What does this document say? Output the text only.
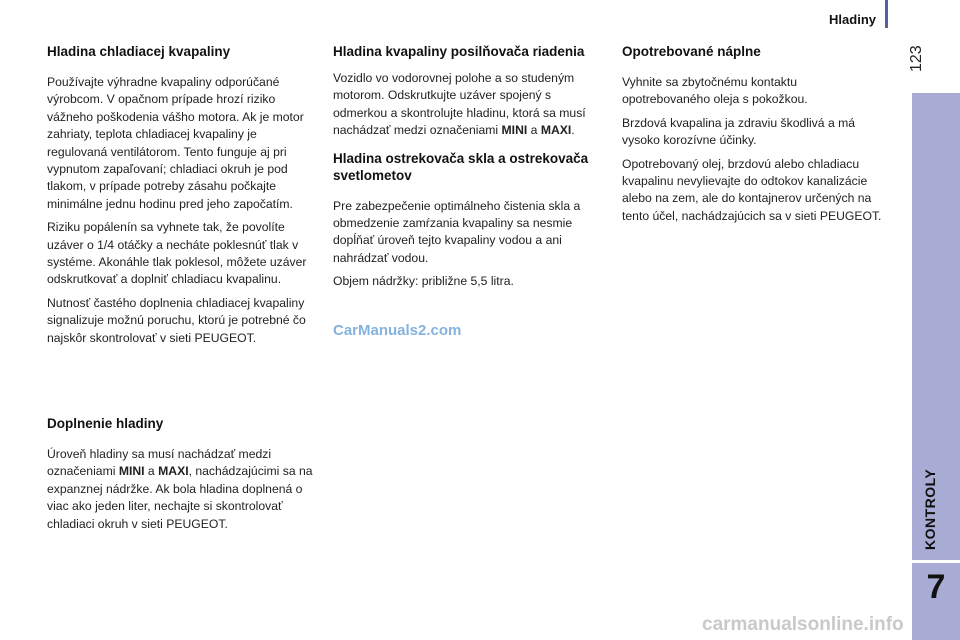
Hladiny
123
KONTROLY
7
Hladina chladiacej kvapaliny

Používajte výhradne kvapaliny odporúčané výrobcom. V opačnom prípade hrozí riziko vážneho poškodenia vášho motora. Ak je motor zahriaty, teplota chladiacej kvapaliny je regulovaná ventilátorom. Tento funguje aj pri vypnutom zapaľovaní; chladiaci okruh je pod tlakom, v prípade potreby zásahu počkajte minimálne jednu hodinu pred jeho započatím.

Riziku popálenín sa vyhnete tak, že povolíte uzáver o 1/4 otáčky a necháte poklesnúť tlak v systéme. Akonáhle tlak poklesol, môžete uzáver odskrutkovať a doplniť chladiacu kvapalinu.

Nutnosť častého doplnenia chladiacej kvapaliny signalizuje možnú poruchu, ktorú je potrebné čo najskôr skontrolovať v sieti PEUGEOT.

Doplnenie hladiny

Úroveň hladiny sa musí nachádzať medzi označeniami MINI a MAXI, nachádzajúcimi sa na expanznej nádržke. Ak bola hladina doplnená o viac ako jeden liter, nechajte si skontrolovať chladiaci okruh v sieti PEUGEOT.

Hladina kvapaliny posilňovača riadenia

Vozidlo vo vodorovnej polohe a so studeným motorom. Odskrutkujte uzáver spojený s odmerkou a skontrolujte hladinu, ktorá sa musí nachádzať medzi označeniami MINI a MAXI.

Hladina ostrekovača skla a ostrekovača svetlometov

Pre zabezpečenie optimálneho čistenia skla a obmedzenie zamŕzania kvapaliny sa nesmie dopĺňať úroveň tejto kvapaliny vodou a ani nahrádzať vodou.

Objem nádržky: približne 5,5 litra.

Opotrebované náplne

Vyhnite sa zbytočnému kontaktu opotrebovaného oleja s pokožkou.

Brzdová kvapalina ja zdraviu škodlivá a má vysoko korozívne účinky.

Opotrebovaný olej, brzdovú alebo chladiacu kvapalinu nevylievajte do odtokov kanalizácie alebo na zem, ale do kontajnerov určených na tento účel, nachádzajúcich sa v sieti PEUGEOT.

CarManuals2.com
carmanualsonline.info
